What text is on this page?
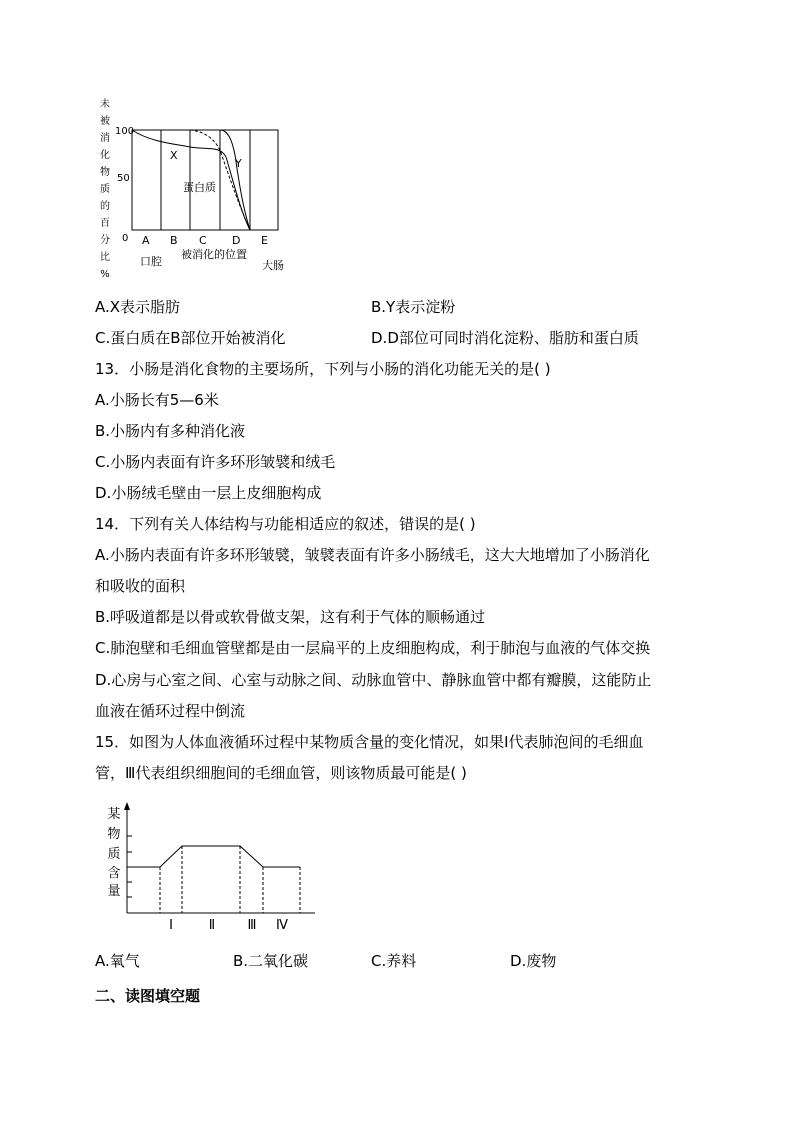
未
被
消
化
物
质
的
百
分
比
%
100
50
0
X
Y
蛋白质
A B C D E
口腔
被消化的位置
大肠
A.X表示脂肪	B.Y表示淀粉
C.蛋白质在B部位开始被消化	D.D部位可同时消化淀粉、脂肪和蛋白质
13．小肠是消化食物的主要场所，下列与小肠的消化功能无关的是( )
A.小肠长有5—6米
B.小肠内有多种消化液
C.小肠内表面有许多环形皱襞和绒毛
D.小肠绒毛壁由一层上皮细胞构成
14．下列有关人体结构与功能相适应的叙述，错误的是( )
A.小肠内表面有许多环形皱襞，皱襞表面有许多小肠绒毛，这大大地增加了小肠消化
和吸收的面积
B.呼吸道都是以骨或软骨做支架，这有利于气体的顺畅通过
C.肺泡壁和毛细血管壁都是由一层扁平的上皮细胞构成，利于肺泡与血液的气体交换
D.心房与心室之间、心室与动脉之间、动脉血管中、静脉血管中都有瓣膜，这能防止
血液在循环过程中倒流
15．如图为人体血液循环过程中某物质含量的变化情况，如果Ⅰ代表肺泡间的毛细血
管，Ⅲ代表组织细胞间的毛细血管，则该物质最可能是( )
某
物
质
含
量
Ⅰ	Ⅱ Ⅲ Ⅳ
A.氧气	B.二氧化碳	C.养料	D.废物
二、读图填空题
